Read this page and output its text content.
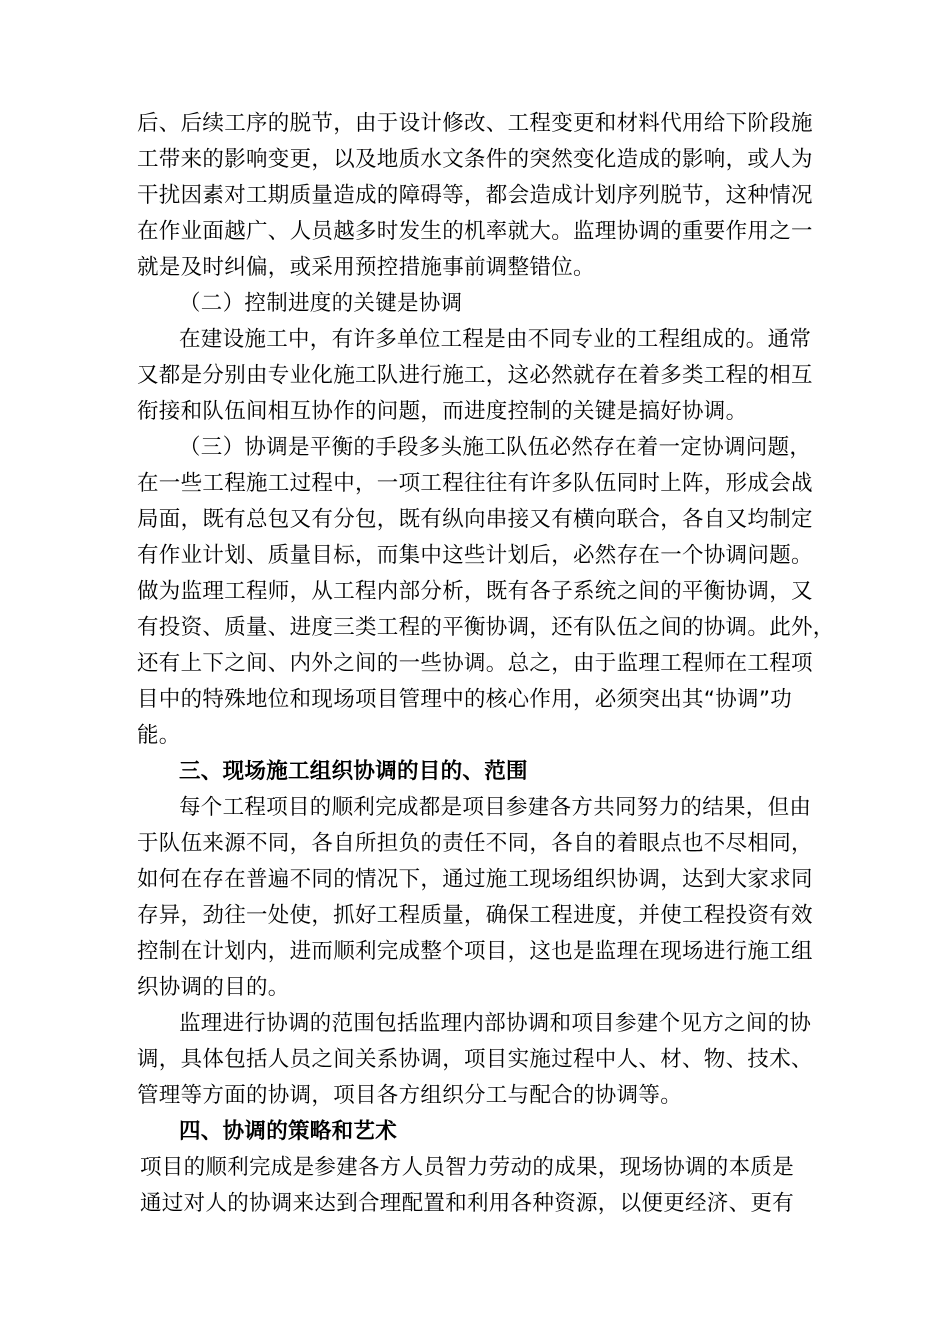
后、后续工序的脱节，由于设计修改、工程变更和材料代用给下阶段施
工带来的影响变更，以及地质水文条件的突然变化造成的影响，或人为
干扰因素对工期质量造成的障碍等，都会造成计划序列脱节，这种情况
在作业面越广、人员越多时发生的机率就大。监理协调的重要作用之一
就是及时纠偏，或采用预控措施事前调整错位。
（二）控制进度的关键是协调
在建设施工中，有许多单位工程是由不同专业的工程组成的。通常
又都是分别由专业化施工队进行施工，这必然就存在着多类工程的相互
衔接和队伍间相互协作的问题，而进度控制的关键是搞好协调。
（三）协调是平衡的手段多头施工队伍必然存在着一定协调问题，
在一些工程施工过程中，一项工程往往有许多队伍同时上阵，形成会战
局面，既有总包又有分包，既有纵向串接又有横向联合，各自又均制定
有作业计划、质量目标，而集中这些计划后，必然存在一个协调问题。
做为监理工程师，从工程内部分析，既有各子系统之间的平衡协调，又
有投资、质量、进度三类工程的平衡协调，还有队伍之间的协调。此外，
还有上下之间、内外之间的一些协调。总之，由于监理工程师在工程项
目中的特殊地位和现场项目管理中的核心作用，必须突出其“协调”功
能。
三、现场施工组织协调的目的、范围
每个工程项目的顺利完成都是项目参建各方共同努力的结果，但由
于队伍来源不同，各自所担负的责任不同，各自的着眼点也不尽相同，
如何在存在普遍不同的情况下，通过施工现场组织协调，达到大家求同
存异，劲往一处使，抓好工程质量，确保工程进度，并使工程投资有效
控制在计划内，进而顺利完成整个项目，这也是监理在现场进行施工组
织协调的目的。
监理进行协调的范围包括监理内部协调和项目参建个见方之间的协
调，具体包括人员之间关系协调，项目实施过程中人、材、物、技术、
管理等方面的协调，项目各方组织分工与配合的协调等。
四、协调的策略和艺术
项目的顺利完成是参建各方人员智力劳动的成果，现场协调的本质是
通过对人的协调来达到合理配置和利用各种资源，以便更经济、更有
